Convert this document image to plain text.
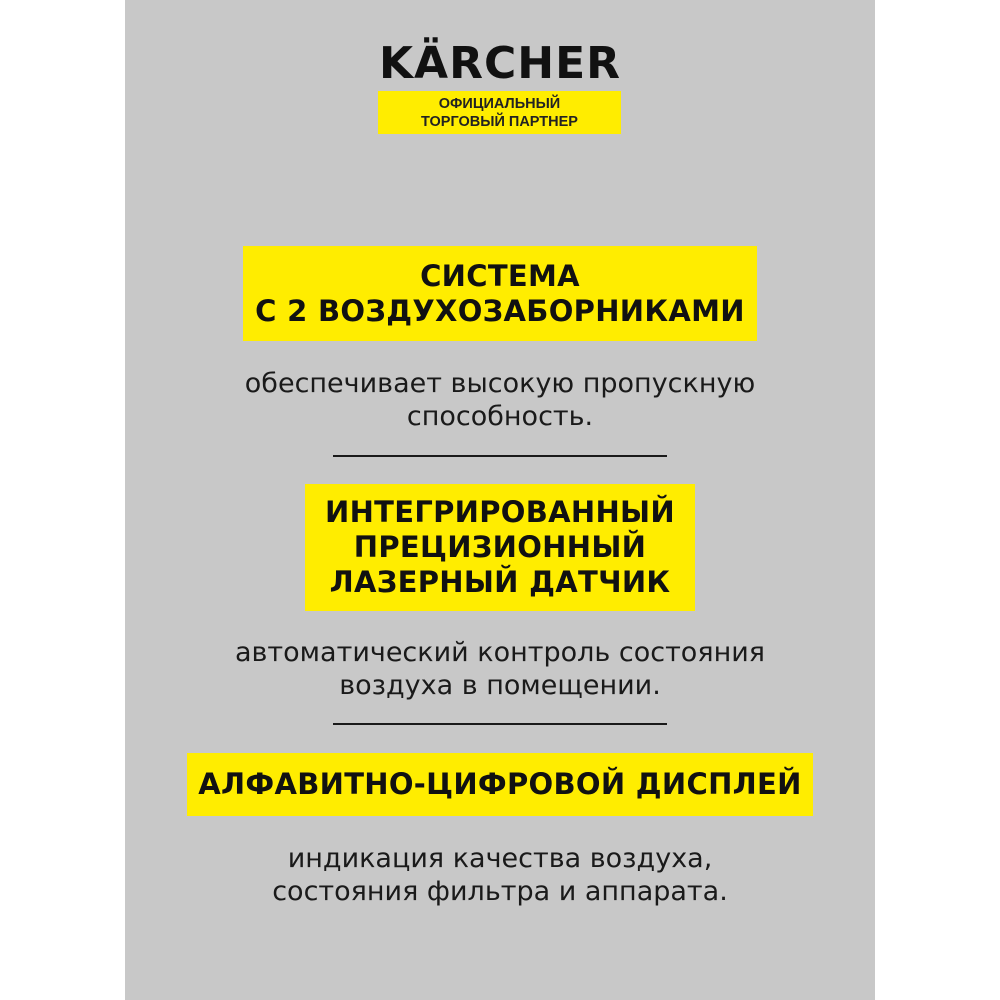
KÄRCHER
ОФИЦИАЛЬНЫЙ
ТОРГОВЫЙ ПАРТНЕР
СИСТЕМА
С 2 ВОЗДУХОЗАБОРНИКАМИ
обеспечивает высокую пропускную
способность.
ИНТЕГРИРОВАННЫЙ
ПРЕЦИЗИОННЫЙ
ЛАЗЕРНЫЙ ДАТЧИК
автоматический контроль состояния
воздуха в помещении.
АЛФАВИТНО-ЦИФРОВОЙ ДИСПЛЕЙ
индикация качества воздуха,
состояния фильтра и аппарата.
